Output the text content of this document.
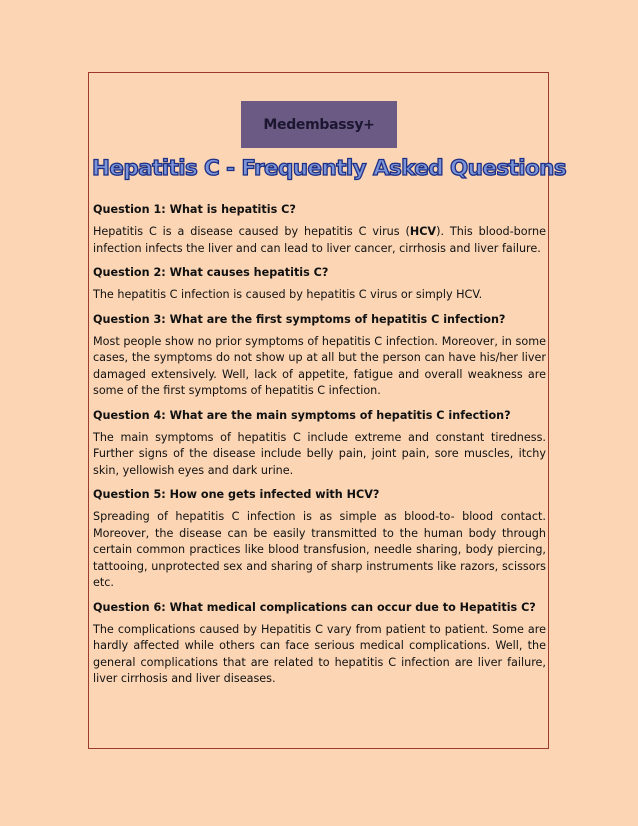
Medembassy+
Hepatitis C - Frequently Asked Questions

Question 1: What is hepatitis C?

Hepatitis C is a disease caused by hepatitis C virus (HCV). This blood-borne infection infects the liver and can lead to liver cancer, cirrhosis and liver failure.

Question 2: What causes hepatitis C?

The hepatitis C infection is caused by hepatitis C virus or simply HCV.

Question 3: What are the first symptoms of hepatitis C infection?

Most people show no prior symptoms of hepatitis C infection. Moreover, in some cases, the symptoms do not show up at all but the person can have his/her liver damaged extensively. Well, lack of appetite, fatigue and overall weakness are some of the first symptoms of hepatitis C infection.

Question 4: What are the main symptoms of hepatitis C infection?

The main symptoms of hepatitis C include extreme and constant tiredness. Further signs of the disease include belly pain, joint pain, sore muscles, itchy skin, yellowish eyes and dark urine.

Question 5: How one gets infected with HCV?

Spreading of hepatitis C infection is as simple as blood-to- blood contact. Moreover, the disease can be easily transmitted to the human body through certain common practices like blood transfusion, needle sharing, body piercing, tattooing, unprotected sex and sharing of sharp instruments like razors, scissors etc.

Question 6: What medical complications can occur due to Hepatitis C?

The complications caused by Hepatitis C vary from patient to patient. Some are hardly affected while others can face serious medical complications. Well, the general complications that are related to hepatitis C infection are liver failure, liver cirrhosis and liver diseases.
